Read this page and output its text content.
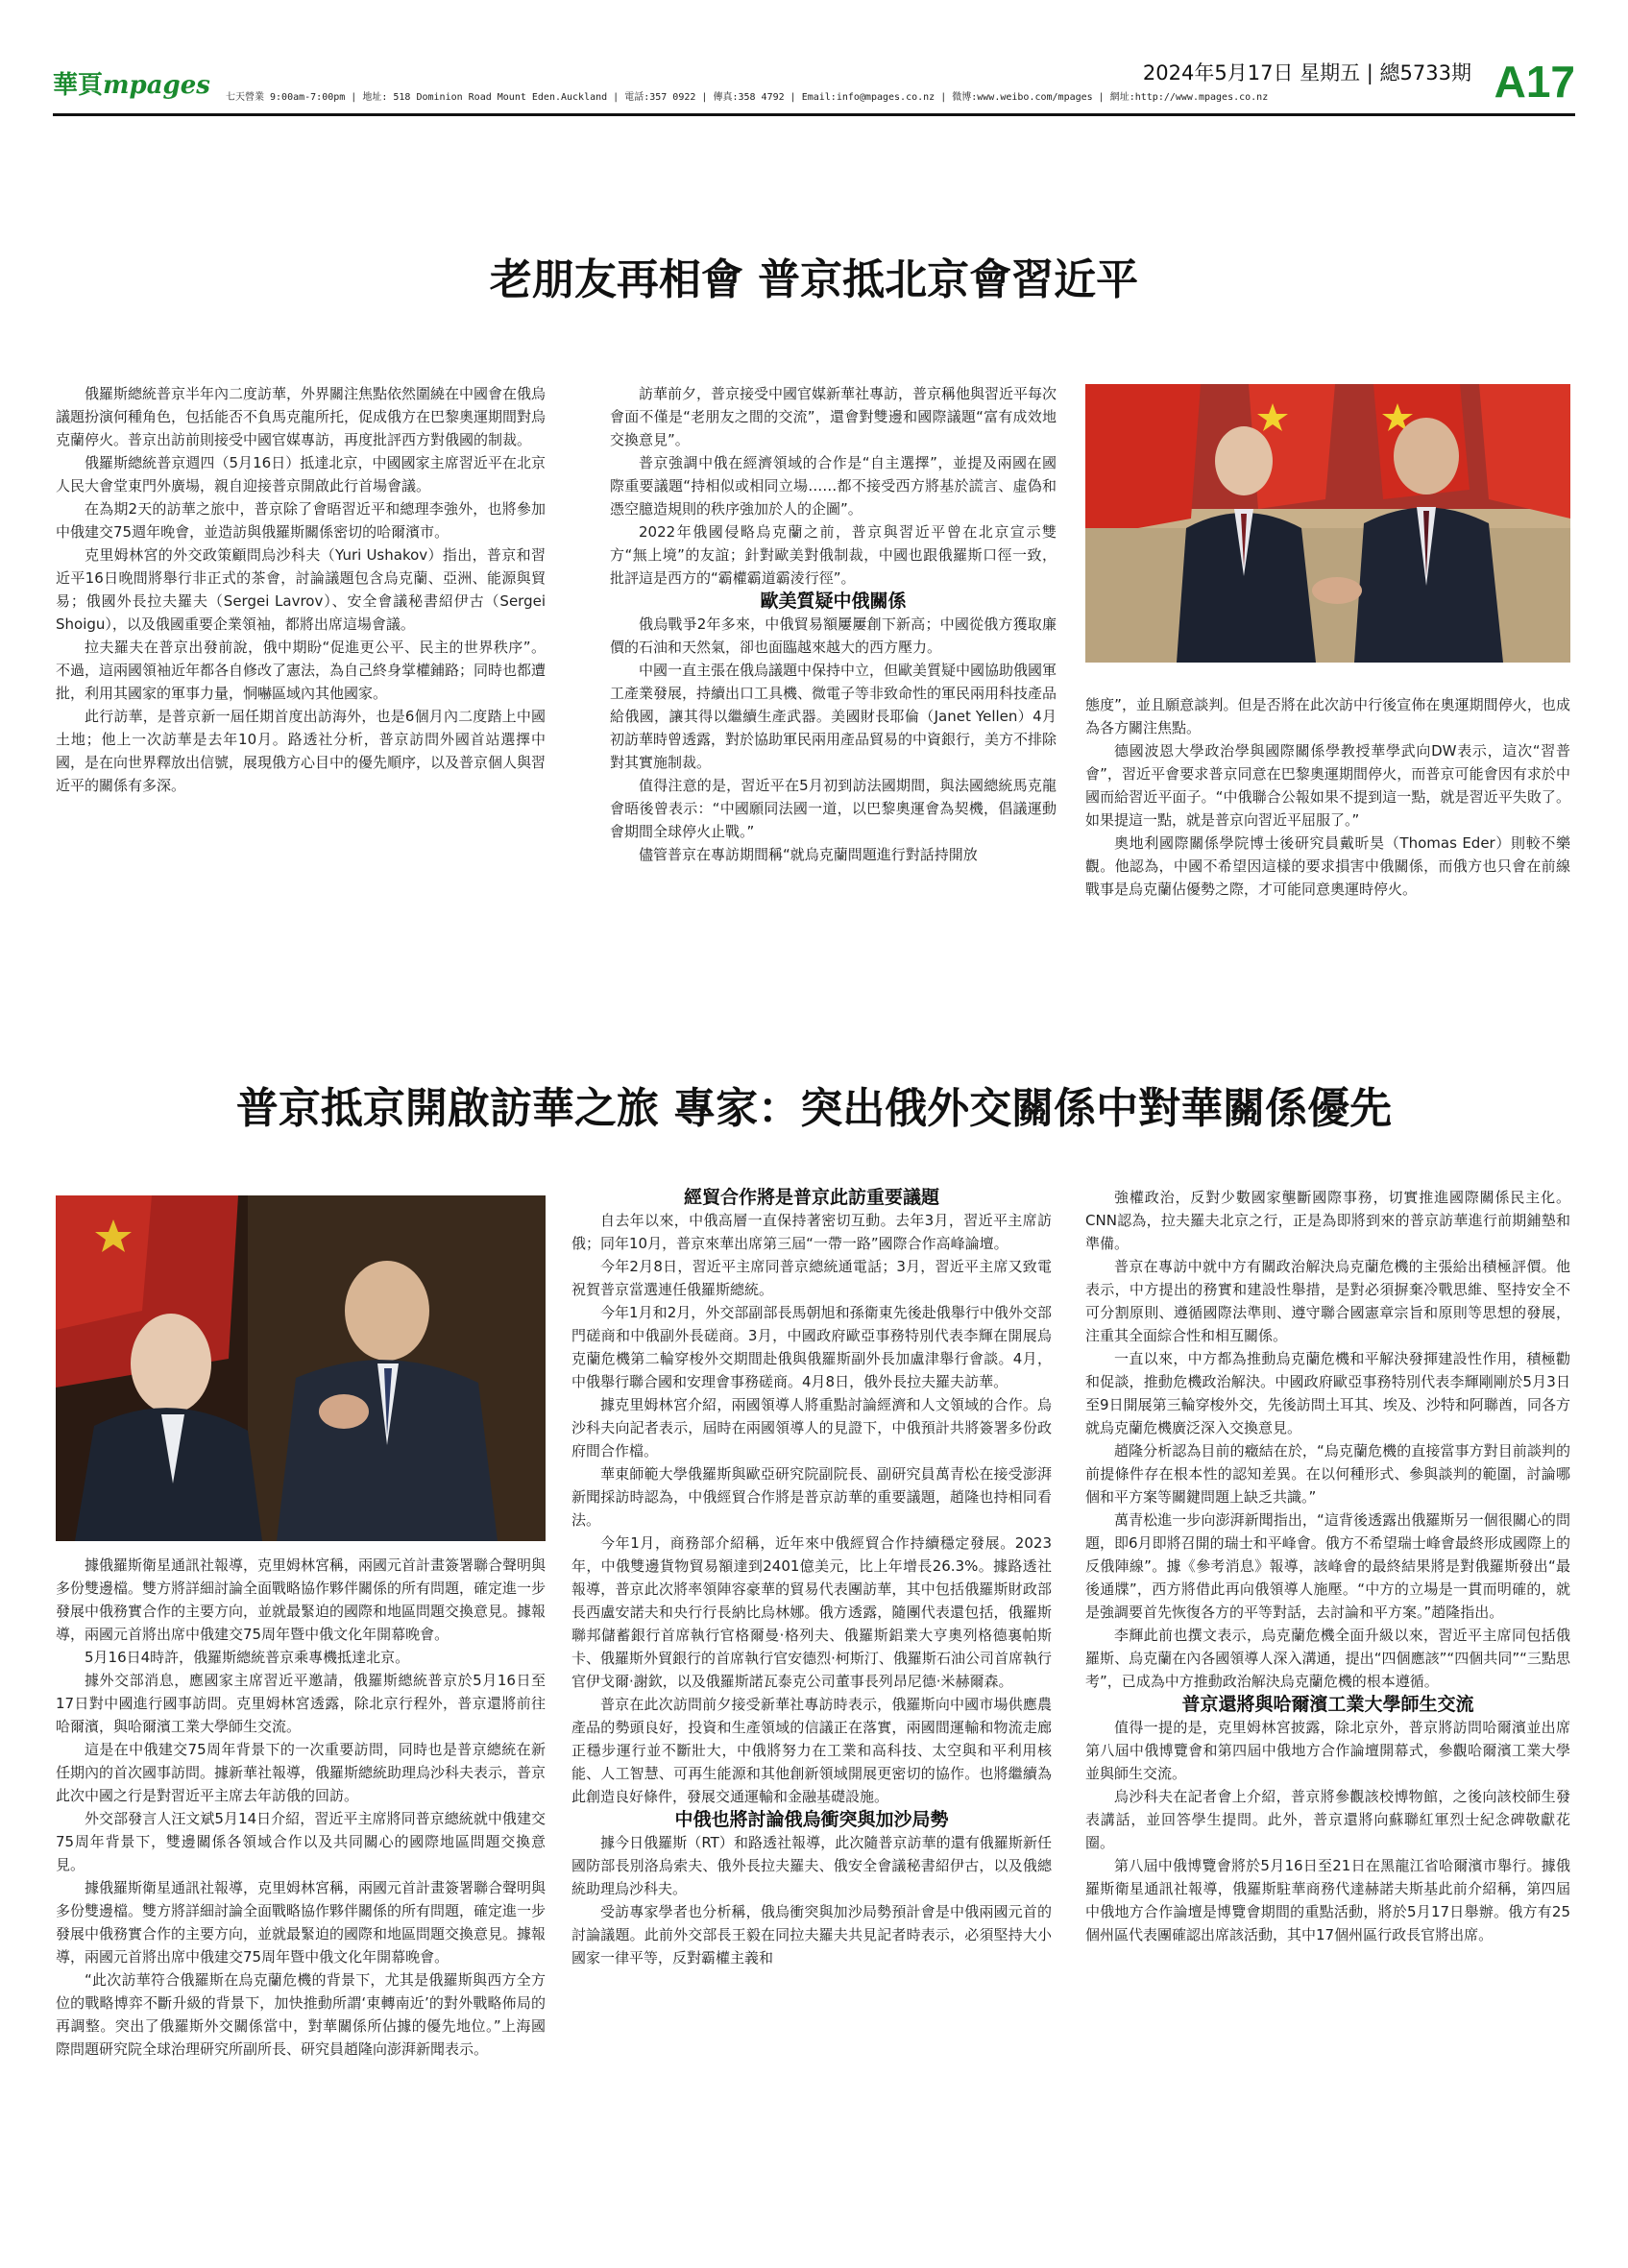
華頁mpages 七天營業 9:00am-7:00pm | 地址: 518 Dominion Road Mount Eden.Auckland | 電話:357 0922 | 傳真:358 4792 | Email:info@mpages.co.nz | 微博:www.weibo.com/mpages | 網址:http://www.mpages.co.nz
2024年5月17日 星期五 | 總5733期 A17
老朋友再相會 普京抵北京會習近平

俄羅斯總統普京半年內二度訪華，外界關注焦點依然圍繞在中國會在俄烏議題扮演何種角色，包括能否不負馬克龍所托，促成俄方在巴黎奧運期間對烏克蘭停火。普京出訪前則接受中國官媒專訪，再度批評西方對俄國的制裁。

俄羅斯總統普京週四（5月16日）抵達北京，中國國家主席習近平在北京人民大會堂東門外廣場，親自迎接普京開啟此行首場會議。

在為期2天的訪華之旅中，普京除了會晤習近平和總理李強外，也將參加中俄建交75週年晚會，並造訪與俄羅斯關係密切的哈爾濱市。

克里姆林宮的外交政策顧問烏沙科夫（Yuri Ushakov）指出，普京和習近平16日晚間將舉行非正式的茶會，討論議題包含烏克蘭、亞洲、能源與貿易；俄國外長拉夫羅夫（Sergei Lavrov）、安全會議秘書紹伊古（Sergei Shoigu），以及俄國重要企業領袖，都將出席這場會議。

拉夫羅夫在普京出發前說，俄中期盼“促進更公平、民主的世界秩序”。不過，這兩國領袖近年都各自修改了憲法，為自己終身掌權鋪路；同時也都遭批，利用其國家的軍事力量，恫嚇區域內其他國家。

此行訪華，是普京新一屆任期首度出訪海外，也是6個月內二度踏上中國土地；他上一次訪華是去年10月。路透社分析，普京訪問外國首站選擇中國，是在向世界釋放出信號，展現俄方心目中的優先順序，以及普京個人與習近平的關係有多深。

訪華前夕，普京接受中國官媒新華社專訪，普京稱他與習近平每次會面不僅是“老朋友之間的交流”，還會對雙邊和國際議題“富有成效地交換意見”。

普京強調中俄在經濟領域的合作是“自主選擇”，並提及兩國在國際重要議題“持相似或相同立場……都不接受西方將基於謊言、虛偽和憑空臆造規則的秩序強加於人的企圖”。

2022年俄國侵略烏克蘭之前，普京與習近平曾在北京宣示雙方“無上境”的友誼；針對歐美對俄制裁，中國也跟俄羅斯口徑一致，批評這是西方的“霸權霸道霸淩行徑”。

歐美質疑中俄關係

俄烏戰爭2年多來，中俄貿易額屢屢創下新高；中國從俄方獲取廉價的石油和天然氣，卻也面臨越來越大的西方壓力。

中國一直主張在俄烏議題中保持中立，但歐美質疑中國協助俄國軍工產業發展，持續出口工具機、微電子等非致命性的軍民兩用科技產品給俄國，讓其得以繼續生產武器。美國財長耶倫（Janet Yellen）4月初訪華時曾透露，對於協助軍民兩用產品貿易的中資銀行，美方不排除對其實施制裁。

值得注意的是，習近平在5月初到訪法國期間，與法國總統馬克龍會晤後曾表示：“中國願同法國一道，以巴黎奧運會為契機，倡議運動會期間全球停火止戰。”

儘管普京在專訪期間稱“就烏克蘭問題進行對話持開放

態度”，並且願意談判。但是否將在此次訪中行後宣佈在奧運期間停火，也成為各方關注焦點。

德國波恩大學政治學與國際關係學教授華學武向DW表示，這次“習普會”，習近平會要求普京同意在巴黎奧運期間停火，而普京可能會因有求於中國而給習近平面子。“中俄聯合公報如果不提到這一點，就是習近平失敗了。如果提這一點，就是普京向習近平屈服了。”

奧地利國際關係學院博士後研究員戴昕昊（Thomas Eder）則較不樂觀。他認為，中國不希望因這樣的要求損害中俄關係，而俄方也只會在前線戰事是烏克蘭佔優勢之際，才可能同意奧運時停火。

普京抵京開啟訪華之旅 專家：突出俄外交關係中對華關係優先

據俄羅斯衛星通訊社報導，克里姆林宮稱，兩國元首計畫簽署聯合聲明與多份雙邊檔。雙方將詳細討論全面戰略協作夥伴關係的所有問題，確定進一步發展中俄務實合作的主要方向，並就最緊迫的國際和地區問題交換意見。據報導，兩國元首將出席中俄建交75周年暨中俄文化年開幕晚會。

5月16日4時許，俄羅斯總統普京乘專機抵達北京。

據外交部消息，應國家主席習近平邀請，俄羅斯總統普京於5月16日至17日對中國進行國事訪問。克里姆林宮透露，除北京行程外，普京還將前往哈爾濱，與哈爾濱工業大學師生交流。

這是在中俄建交75周年背景下的一次重要訪問，同時也是普京總統在新任期內的首次國事訪問。據新華社報導，俄羅斯總統助理烏沙科夫表示，普京此次中國之行是對習近平主席去年訪俄的回訪。

外交部發言人汪文斌5月14日介紹，習近平主席將同普京總統就中俄建交75周年背景下，雙邊關係各領域合作以及共同關心的國際地區問題交換意見。

據俄羅斯衛星通訊社報導，克里姆林宮稱，兩國元首計畫簽署聯合聲明與多份雙邊檔。雙方將詳細討論全面戰略協作夥伴關係的所有問題，確定進一步發展中俄務實合作的主要方向，並就最緊迫的國際和地區問題交換意見。據報導，兩國元首將出席中俄建交75周年暨中俄文化年開幕晚會。

“此次訪華符合俄羅斯在烏克蘭危機的背景下，尤其是俄羅斯與西方全方位的戰略博弈不斷升級的背景下，加快推動所謂‘東轉南近’的對外戰略佈局的再調整。突出了俄羅斯外交關係當中，對華關係所佔據的優先地位。”上海國際問題研究院全球治理研究所副所長、研究員趙隆向澎湃新聞表示。

經貿合作將是普京此訪重要議題

自去年以來，中俄高層一直保持著密切互動。去年3月，習近平主席訪俄；同年10月，普京來華出席第三屆“一帶一路”國際合作高峰論壇。

今年2月8日，習近平主席同普京總統通電話；3月，習近平主席又致電祝賀普京當選連任俄羅斯總統。

今年1月和2月，外交部副部長馬朝旭和孫衛東先後赴俄舉行中俄外交部門磋商和中俄副外長磋商。3月，中國政府歐亞事務特別代表李輝在開展烏克蘭危機第二輪穿梭外交期間赴俄與俄羅斯副外長加盧津舉行會談。4月，中俄舉行聯合國和安理會事務磋商。4月8日，俄外長拉夫羅夫訪華。

據克里姆林宮介紹，兩國領導人將重點討論經濟和人文領域的合作。烏沙科夫向記者表示，屆時在兩國領導人的見證下，中俄預計共將簽署多份政府間合作檔。

華東師範大學俄羅斯與歐亞研究院副院長、副研究員萬青松在接受澎湃新聞採訪時認為，中俄經貿合作將是普京訪華的重要議題，趙隆也持相同看法。

今年1月，商務部介紹稱，近年來中俄經貿合作持續穩定發展。2023年，中俄雙邊貨物貿易額達到2401億美元，比上年增長26.3%。據路透社報導，普京此次將率領陣容豪華的貿易代表團訪華，其中包括俄羅斯財政部長西盧安諾夫和央行行長納比烏林娜。俄方透露，隨團代表還包括，俄羅斯聯邦儲蓄銀行首席執行官格爾曼·格列夫、俄羅斯鋁業大亨奧列格德裏帕斯卡、俄羅斯外貿銀行的首席執行官安德烈·柯斯汀、俄羅斯石油公司首席執行官伊戈爾·謝欽，以及俄羅斯諾瓦泰克公司董事長列昂尼德·米赫爾森。

普京在此次訪問前夕接受新華社專訪時表示，俄羅斯向中國市場供應農產品的勢頭良好，投資和生產領域的信議正在落實，兩國間運輸和物流走廊正穩步運行並不斷壯大，中俄將努力在工業和高科技、太空與和平利用核能、人工智慧、可再生能源和其他創新領域開展更密切的協作。也將繼續為此創造良好條件，發展交通運輸和金融基礎設施。

中俄也將討論俄烏衝突與加沙局勢

據今日俄羅斯（RT）和路透社報導，此次隨普京訪華的還有俄羅斯新任國防部長別洛烏索夫、俄外長拉夫羅夫、俄安全會議秘書紹伊古，以及俄總統助理烏沙科夫。

受訪專家學者也分析稱，俄烏衝突與加沙局勢預計會是中俄兩國元首的討論議題。此前外交部長王毅在同拉夫羅夫共見記者時表示，必須堅持大小國家一律平等，反對霸權主義和

強權政治，反對少數國家壟斷國際事務，切實推進國際關係民主化。CNN認為，拉夫羅夫北京之行，正是為即將到來的普京訪華進行前期鋪墊和準備。

普京在專訪中就中方有關政治解決烏克蘭危機的主張給出積極評價。他表示，中方提出的務實和建設性舉措，是對必須摒棄冷戰思維、堅持安全不可分割原則、遵循國際法準則、遵守聯合國憲章宗旨和原則等思想的發展，注重其全面綜合性和相互關係。

一直以來，中方都為推動烏克蘭危機和平解決發揮建設性作用，積極勸和促談，推動危機政治解決。中國政府歐亞事務特別代表李輝剛剛於5月3日至9日開展第三輪穿梭外交，先後訪問土耳其、埃及、沙特和阿聯酋，同各方就烏克蘭危機廣泛深入交換意見。

趙隆分析認為目前的癥結在於，“烏克蘭危機的直接當事方對目前談判的前提條件存在根本性的認知差異。在以何種形式、參與談判的範圍，討論哪個和平方案等關鍵問題上缺乏共識。”

萬青松進一步向澎湃新聞指出，“這背後透露出俄羅斯另一個很關心的問題，即6月即將召開的瑞士和平峰會。俄方不希望瑞士峰會最終形成國際上的反俄陣線”。據《參考消息》報導，該峰會的最終結果將是對俄羅斯發出“最後通牒”，西方將借此再向俄領導人施壓。“中方的立場是一貫而明確的，就是強調要首先恢復各方的平等對話，去討論和平方案。”趙隆指出。

李輝此前也撰文表示，烏克蘭危機全面升級以來，習近平主席同包括俄羅斯、烏克蘭在內各國領導人深入溝通，提出“四個應該”“四個共同”“三點思考”，已成為中方推動政治解決烏克蘭危機的根本遵循。

普京還將與哈爾濱工業大學師生交流

值得一提的是，克里姆林宮披露，除北京外，普京將訪問哈爾濱並出席第八屆中俄博覽會和第四屆中俄地方合作論壇開幕式，參觀哈爾濱工業大學並與師生交流。

烏沙科夫在記者會上介紹，普京將參觀該校博物館，之後向該校師生發表講話，並回答學生提問。此外，普京還將向蘇聯紅軍烈士紀念碑敬獻花圈。

第八屆中俄博覽會將於5月16日至21日在黑龍江省哈爾濱市舉行。據俄羅斯衛星通訊社報導，俄羅斯駐華商務代達赫諾夫斯基此前介紹稱，第四屆中俄地方合作論壇是博覽會期間的重點活動，將於5月17日舉辦。俄方有25個州區代表團確認出席該活動，其中17個州區行政長官將出席。
